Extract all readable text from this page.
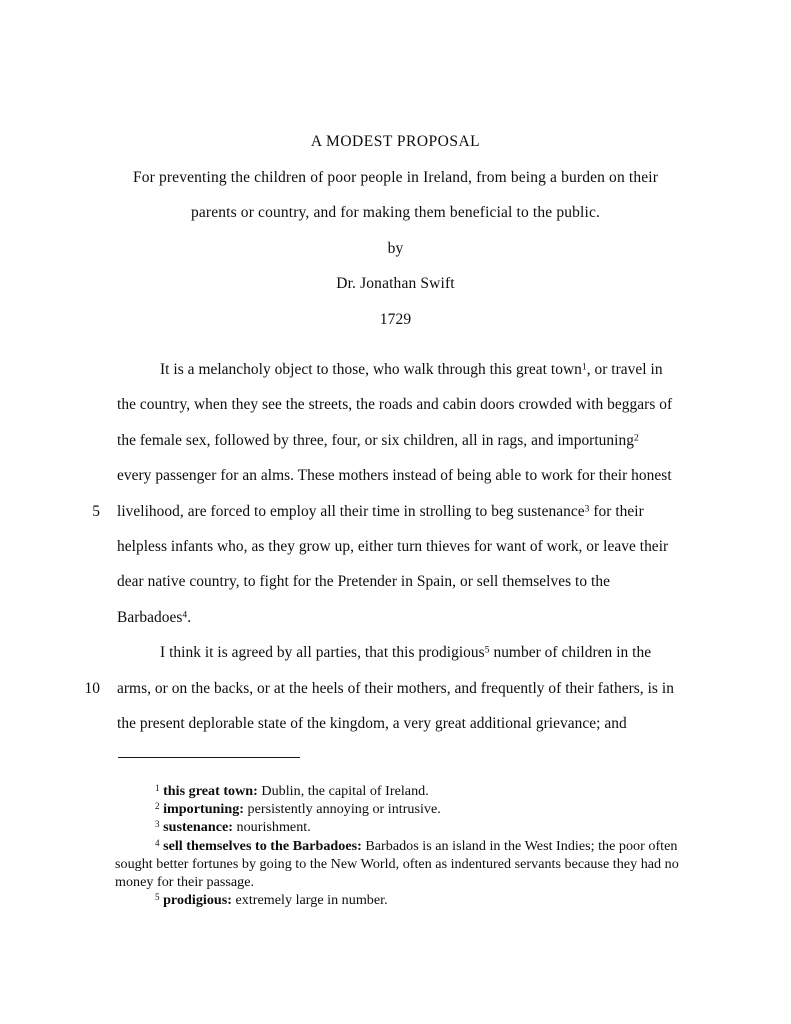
A MODEST PROPOSAL
For preventing the children of poor people in Ireland, from being a burden on their
parents or country, and for making them beneficial to the public.
by
Dr. Jonathan Swift
1729
It is a melancholy object to those, who walk through this great town$^1$, or travel in
the country, when they see the streets, the roads and cabin doors crowded with beggars of
the female sex, followed by three, four, or six children, all in rags, and importuning$^2$
every passenger for an alms. These mothers instead of being able to work for their honest
5 livelihood, are forced to employ all their time in strolling to beg sustenance$^3$ for their
helpless infants who, as they grow up, either turn thieves for want of work, or leave their
dear native country, to fight for the Pretender in Spain, or sell themselves to the
Barbadoes$^4$.
I think it is agreed by all parties, that this prodigious$^5$ number of children in the
10 arms, or on the backs, or at the heels of their mothers, and frequently of their fathers, is in
the present deplorable state of the kingdom, a very great additional grievance; and
$^1$ this great town: Dublin, the capital of Ireland.
$^2$ importuning: persistently annoying or intrusive.
$^3$ sustenance: nourishment.
$^4$ sell themselves to the Barbadoes: Barbados is an island in the West Indies; the poor often sought better fortunes by going to the New World, often as indentured servants because they had no money for their passage.
$^5$ prodigious: extremely large in number.
